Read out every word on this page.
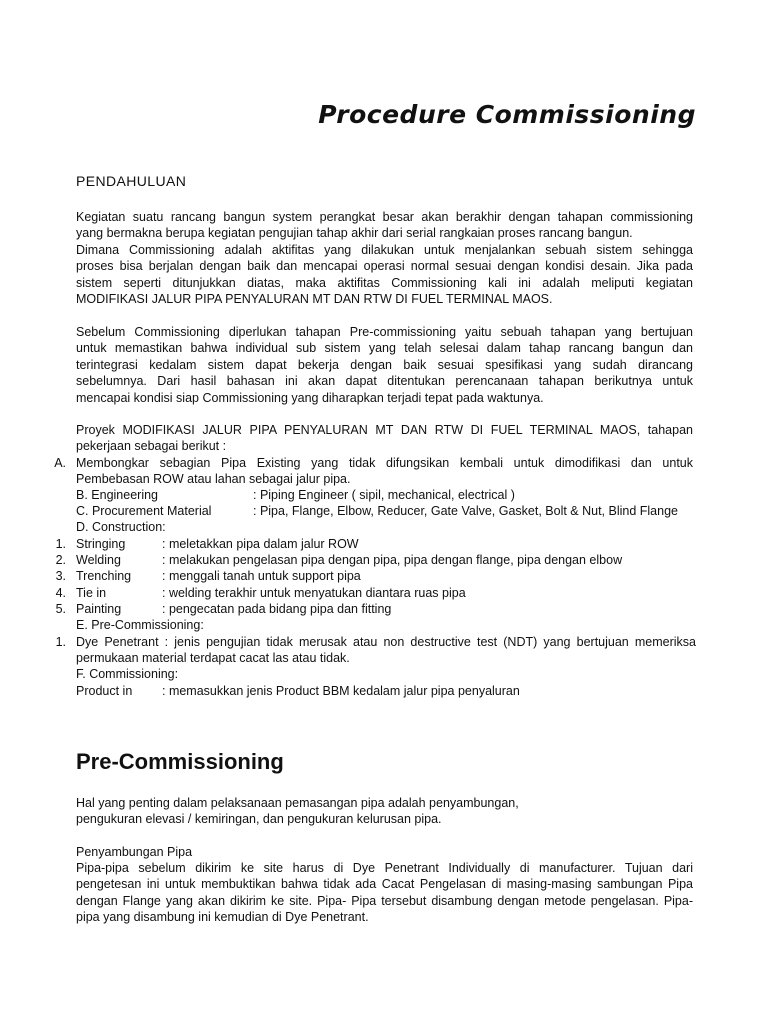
Procedure Commissioning
PENDAHULUAN
Kegiatan suatu rancang bangun system perangkat besar akan berakhir dengan tahapan commissioning
yang bermakna berupa kegiatan pengujian tahap akhir dari serial rangkaian proses rancang bangun.
Dimana Commissioning adalah aktifitas yang dilakukan untuk menjalankan sebuah sistem sehingga
proses bisa berjalan dengan baik dan mencapai operasi normal sesuai dengan kondisi desain. Jika pada
sistem seperti ditunjukkan diatas, maka aktifitas Commissioning kali ini adalah meliputi kegiatan
MODIFIKASI JALUR PIPA PENYALURAN MT DAN RTW DI FUEL TERMINAL MAOS.
Sebelum Commissioning diperlukan tahapan Pre-commissioning yaitu sebuah tahapan yang bertujuan
untuk memastikan bahwa individual sub sistem yang telah selesai dalam tahap rancang bangun dan
terintegrasi kedalam sistem dapat bekerja dengan baik sesuai spesifikasi yang sudah dirancang
sebelumnya. Dari hasil bahasan ini akan dapat ditentukan perencanaan tahapan berikutnya untuk
mencapai kondisi siap Commissioning yang diharapkan terjadi tepat pada waktunya.
Proyek MODIFIKASI JALUR PIPA PENYALURAN MT DAN RTW DI FUEL TERMINAL MAOS, tahapan
pekerjaan sebagai berikut :
A. Membongkar sebagian Pipa Existing yang tidak difungsikan kembali untuk dimodifikasi dan untuk
Pembebasan ROW atau lahan sebagai jalur pipa.
B. Engineering	: Piping Engineer ( sipil, mechanical, electrical )
C. Procurement Material	: Pipa, Flange, Elbow, Reducer, Gate Valve, Gasket, Bolt & Nut, Blind Flange
D. Construction:
1. Stringing	: meletakkan pipa dalam jalur ROW
2. Welding	: melakukan pengelasan pipa dengan pipa, pipa dengan flange, pipa dengan elbow
3. Trenching : menggali tanah untuk support pipa
4. Tie in	: welding terakhir untuk menyatukan diantara ruas pipa
5. Painting	: pengecatan pada bidang pipa dan fitting
E. Pre-Commissioning:
1. Dye Penetrant : jenis pengujian tidak merusak atau non destructive test (NDT) yang bertujuan memeriksa
permukaan material terdapat cacat las atau tidak.
F. Commissioning:
Product in : memasukkan jenis Product BBM kedalam jalur pipa penyaluran
Pre-Commissioning
Hal yang penting dalam pelaksanaan pemasangan pipa adalah penyambungan,
pengukuran elevasi / kemiringan, dan pengukuran kelurusan pipa.
Penyambungan Pipa
Pipa-pipa sebelum dikirim ke site harus di Dye Penetrant Individually di manufacturer. Tujuan dari
pengetesan ini untuk membuktikan bahwa tidak ada Cacat Pengelasan di masing-masing sambungan Pipa
dengan Flange yang akan dikirim ke site. Pipa- Pipa tersebut disambung dengan metode pengelasan. Pipa-
pipa yang disambung ini kemudian di Dye Penetrant.
